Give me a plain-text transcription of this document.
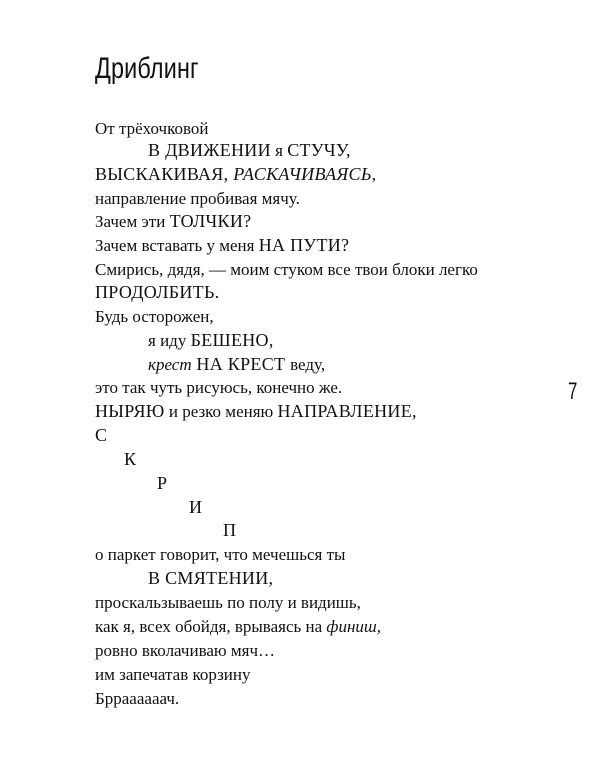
Дриблинг
7
От трёхочковой
В ДВИЖЕНИИ я СТУЧУ,
ВЫСКАКИВАЯ, РАСКАЧИВАЯСЬ,
направление пробивая мячу.
Зачем эти ТОЛЧКИ?
Зачем вставать у меня НА ПУТИ?
Смирись, дядя, — моим стуком все твои блоки легко
ПРОДОЛБИТЬ.
Будь осторожен,
я иду БЕШЕНО,
крест НА КРЕСТ веду,
это так чуть рисуюсь, конечно же.
НЫРЯЮ и резко меняю НАПРАВЛЕНИЕ,
С
К
Р
И
П
о паркет говорит, что мечешься ты
В СМЯТЕНИИ,
проскальзываешь по полу и видишь,
как я, всех обойдя, врываясь на финиш,
ровно вколачиваю мяч…
им запечатав корзину
Брраааааач.
